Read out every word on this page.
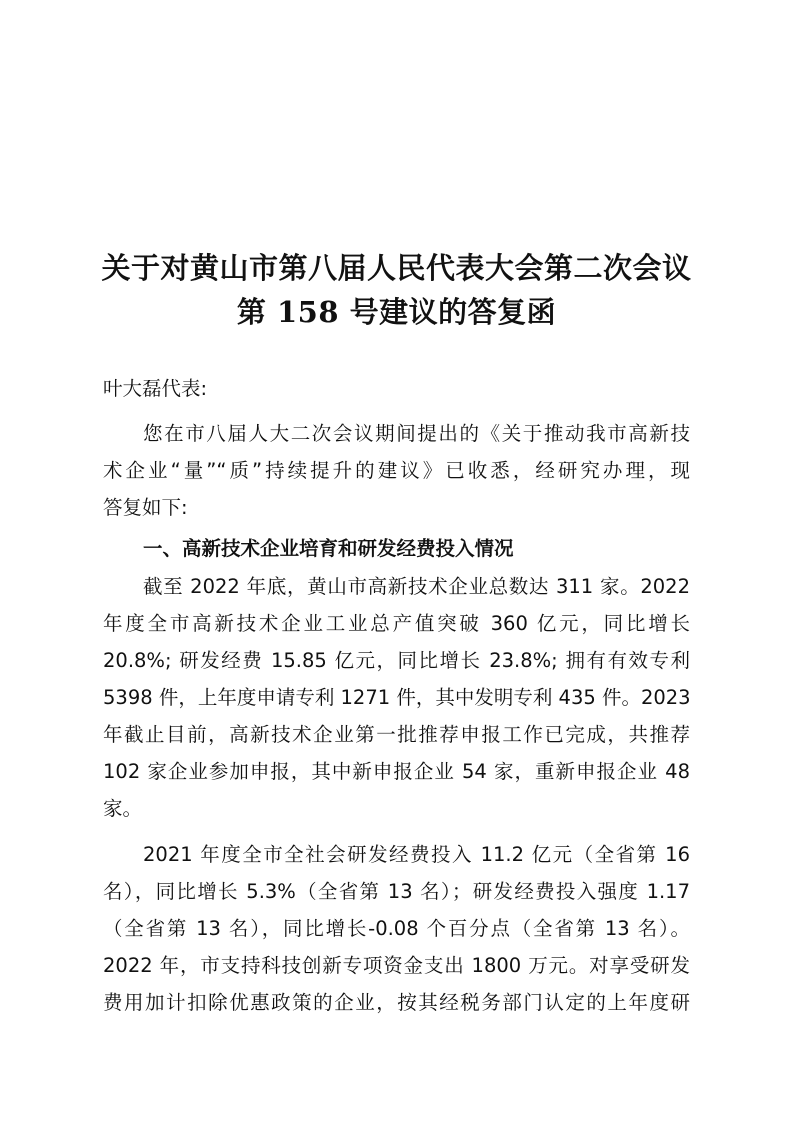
关于对黄山市第八届人民代表大会第二次会议
第 158 号建议的答复函
叶大磊代表:
您在市八届人大二次会议期间提出的《关于推动我市高新技
术企业“量”“质”持续提升的建议》已收悉，经研究办理，现
答复如下:
一、高新技术企业培育和研发经费投入情况
截至 2022 年底，黄山市高新技术企业总数达 311 家。2022
年度全市高新技术企业工业总产值突破 360 亿元，同比增长
20.8%; 研发经费 15.85 亿元，同比增长 23.8%; 拥有有效专利
5398 件，上年度申请专利 1271 件，其中发明专利 435 件。2023
年截止目前，高新技术企业第一批推荐申报工作已完成，共推荐
102 家企业参加申报，其中新申报企业 54 家，重新申报企业 48
家。
2021 年度全市全社会研发经费投入 11.2 亿元（全省第 16
名），同比增长 5.3%（全省第 13 名）；研发经费投入强度 1.17
（全省第 13 名），同比增长-0.08 个百分点（全省第 13 名）。
2022 年，市支持科技创新专项资金支出 1800 万元。对享受研发
费用加计扣除优惠政策的企业，按其经税务部门认定的上年度研
